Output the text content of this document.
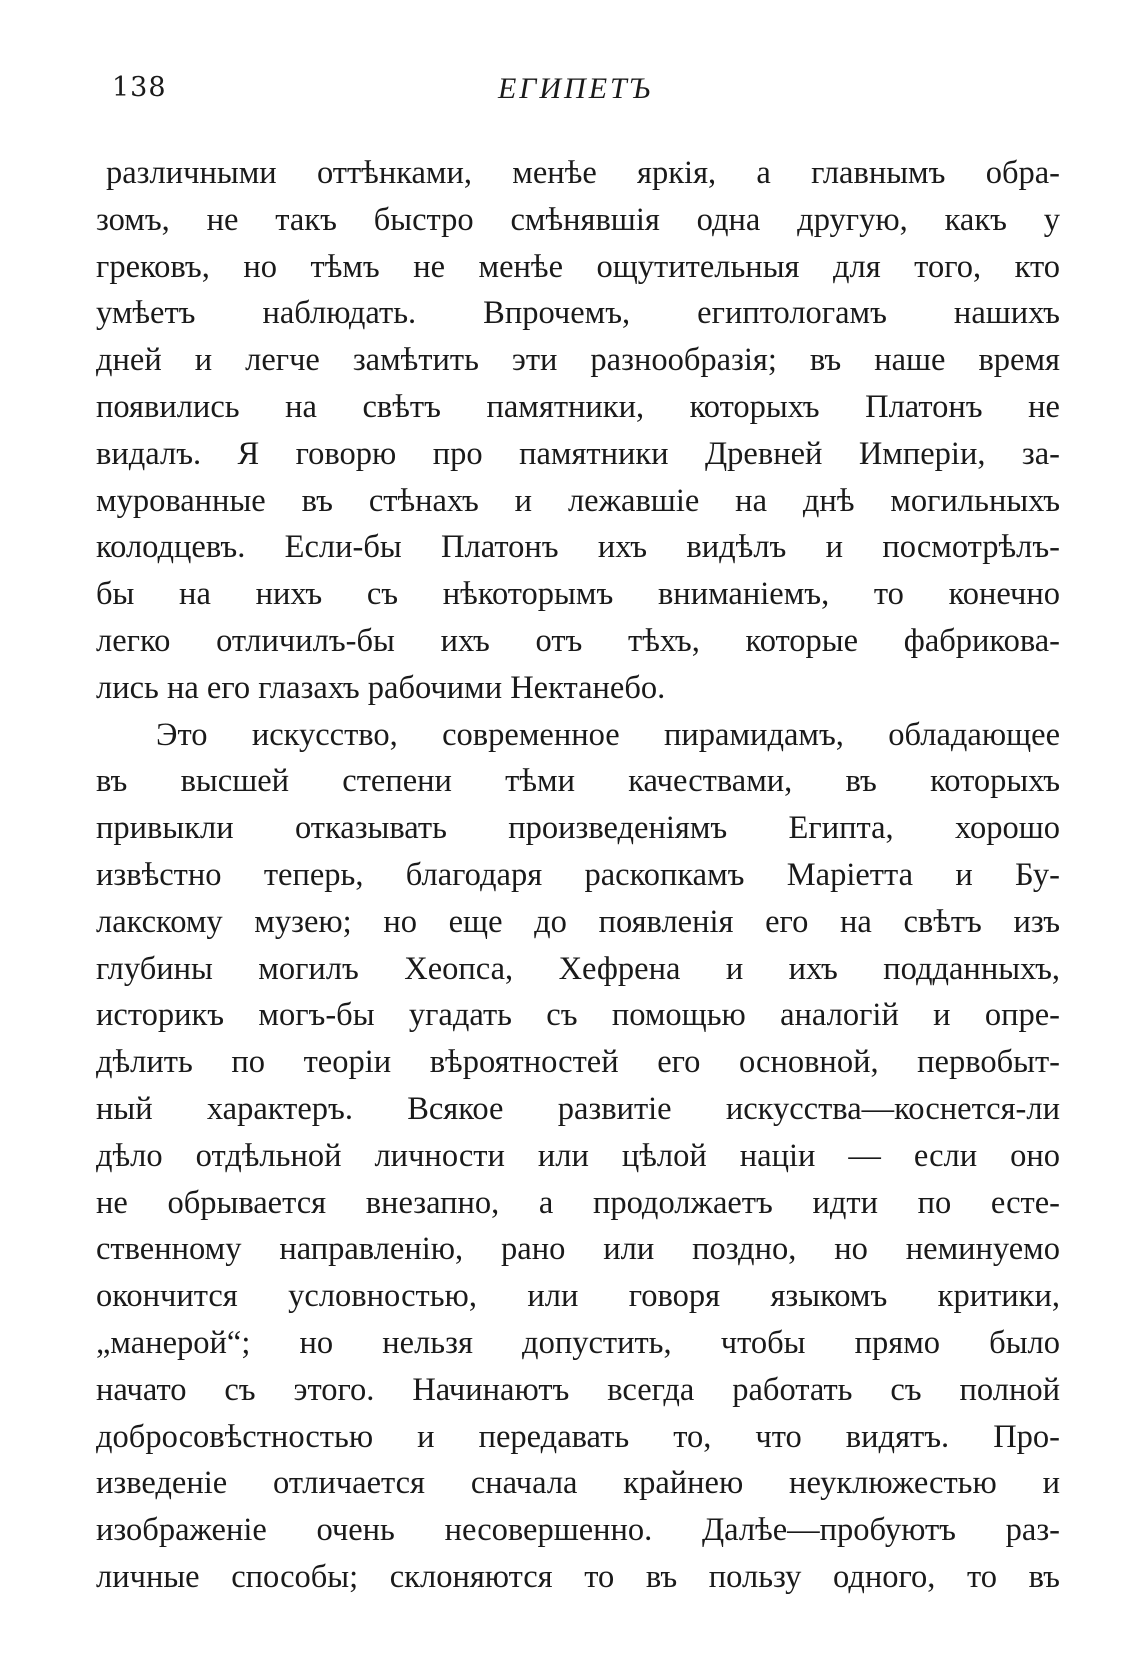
138	ЕГИПЕТЪ
различными оттѣнками, менѣе яркія, а главнымъ обра-
зомъ, не такъ быстро смѣнявшія одна другую, какъ у
грековъ, но тѣмъ не менѣе ощутительныя для того, кто
умѣетъ наблюдать. Впрочемъ, египтологамъ нашихъ
дней и легче замѣтить эти разнообразія; въ наше время
появились на свѣтъ памятники, которыхъ Платонъ не
видалъ. Я говорю про памятники Древней Имперіи, за-
мурованные въ стѣнахъ и лежавшіе на днѣ могильныхъ
колодцевъ. Если-бы Платонъ ихъ видѣлъ и посмотрѣлъ-
бы на нихъ съ нѣкоторымъ вниманіемъ, то конечно
легко отличилъ-бы ихъ отъ тѣхъ, которые фабрикова-
лись на его глазахъ рабочими Нектанебо.
Это искусство, современное пирамидамъ, обладающее
въ высшей степени тѣми качествами, въ которыхъ
привыкли отказывать произведеніямъ Египта, хорошо
извѣстно теперь, благодаря раскопкамъ Маріетта и Бу-
лакскому музею; но еще до появленія его на свѣтъ изъ
глубины могилъ Хеопса, Хефрена и ихъ подданныхъ,
историкъ могъ-бы угадать съ помощью аналогій и опре-
дѣлить по теоріи вѣроятностей его основной, первобыт-
ный характеръ. Всякое развитіе искусства—коснется-ли
дѣло отдѣльной личности или цѣлой націи — если оно
не обрывается внезапно, а продолжаетъ идти по есте-
ственному направленію, рано или поздно, но неминуемо
окончится условностью, или говоря языкомъ критики,
„манерой“; но нельзя допустить, чтобы прямо было
начато съ этого. Начинаютъ всегда работать съ полной
добросовѣстностью и передавать то, что видятъ. Про-
изведеніе отличается сначала крайнею неуклюжестью и
изображеніе очень несовершенно. Далѣе—пробуютъ раз-
личные способы; склоняются то въ пользу одного, то въ
